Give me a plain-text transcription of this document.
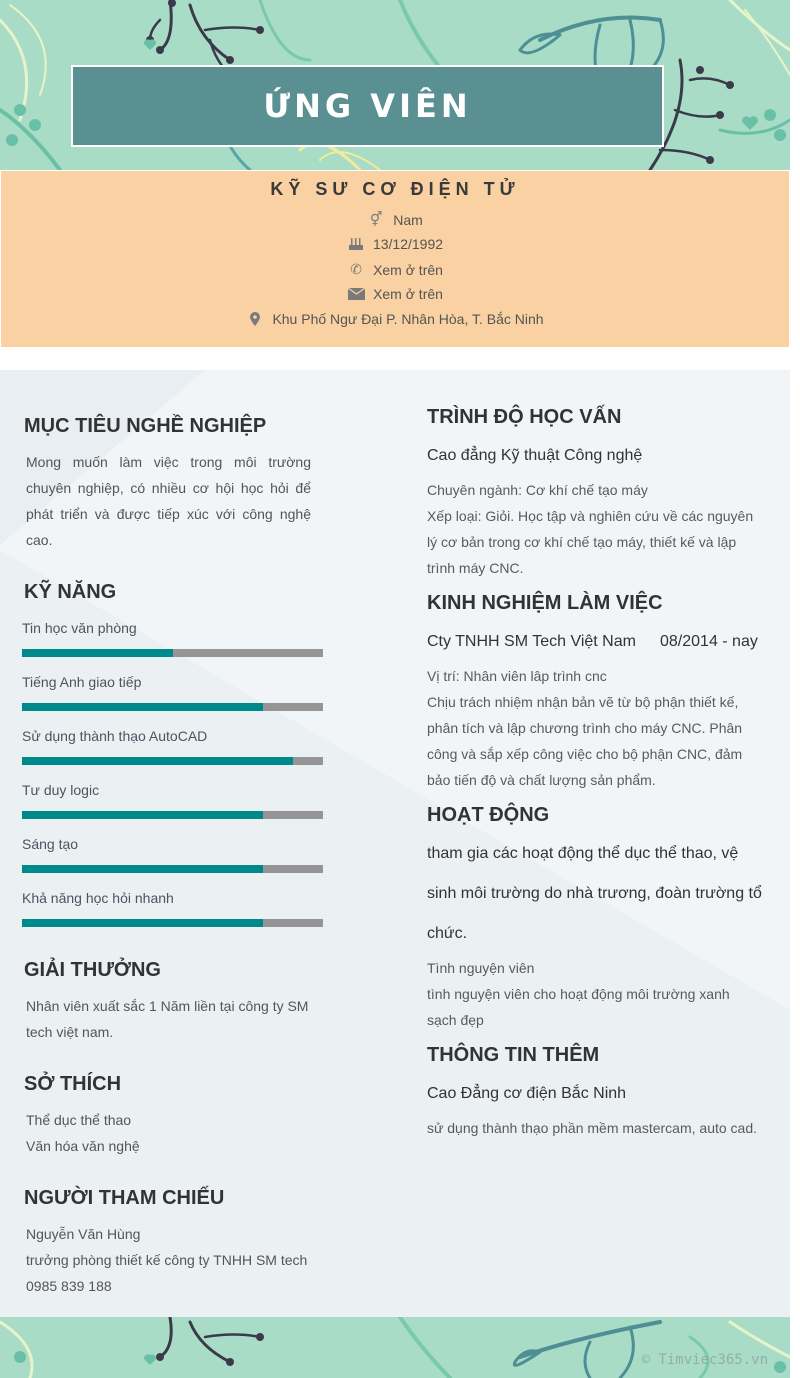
ỨNG VIÊN
KỸ SƯ CƠ ĐIỆN TỬ
⚥ Nam
13/12/1992
✆ Xem ở trên
Xem ở trên
Khu Phố Ngư Đại P. Nhân Hòa, T. Bắc Ninh
MỤC TIÊU NGHỀ NGHIỆP
Mong muốn làm việc trong môi trường chuyên nghiệp, có nhiều cơ hội học hỏi để phát triển và được tiếp xúc với công nghệ cao.
KỸ NĂNG
Tin học văn phòng
Tiếng Anh giao tiếp
Sử dụng thành thạo AutoCAD
Tư duy logic
Sáng tạo
Khả năng học hỏi nhanh
GIẢI THƯỞNG
Nhân viên xuất sắc 1 Năm liền tại công ty SM tech việt nam.
SỞ THÍCH
Thể dục thể thao
Văn hóa văn nghệ
NGƯỜI THAM CHIẾU
Nguyễn Văn Hùng
trưởng phòng thiết kế công ty TNHH SM tech
0985 839 188
TRÌNH ĐỘ HỌC VẤN
Cao đẳng Kỹ thuật Công nghệ
Chuyên ngành: Cơ khí chế tạo máy
Xếp loại: Giỏi. Học tập và nghiên cứu về các nguyên lý cơ bản trong cơ khí chế tạo máy, thiết kế và lập trình máy CNC.
KINH NGHIỆM LÀM VIỆC
Cty TNHH SM Tech Việt Nam 08/2014 - nay
Vị trí: Nhân viên lâp trình cnc
Chịu trách nhiệm nhận bản vẽ từ bộ phận thiết kế, phân tích và lập chương trình cho máy CNC. Phân công và sắp xếp công việc cho bộ phận CNC, đảm bảo tiến độ và chất lượng sản phẩm.
HOẠT ĐỘNG
tham gia các hoạt động thể dục thể thao, vệ sinh môi trường do nhà trương, đoàn trường tổ chức.
Tình nguyện viên
tình nguyện viên cho hoạt động môi trường xanh sạch đẹp
THÔNG TIN THÊM
Cao Đẳng cơ điện Bắc Ninh
sử dụng thành thạo phần mềm mastercam, auto cad.
© Timviec365.vn
